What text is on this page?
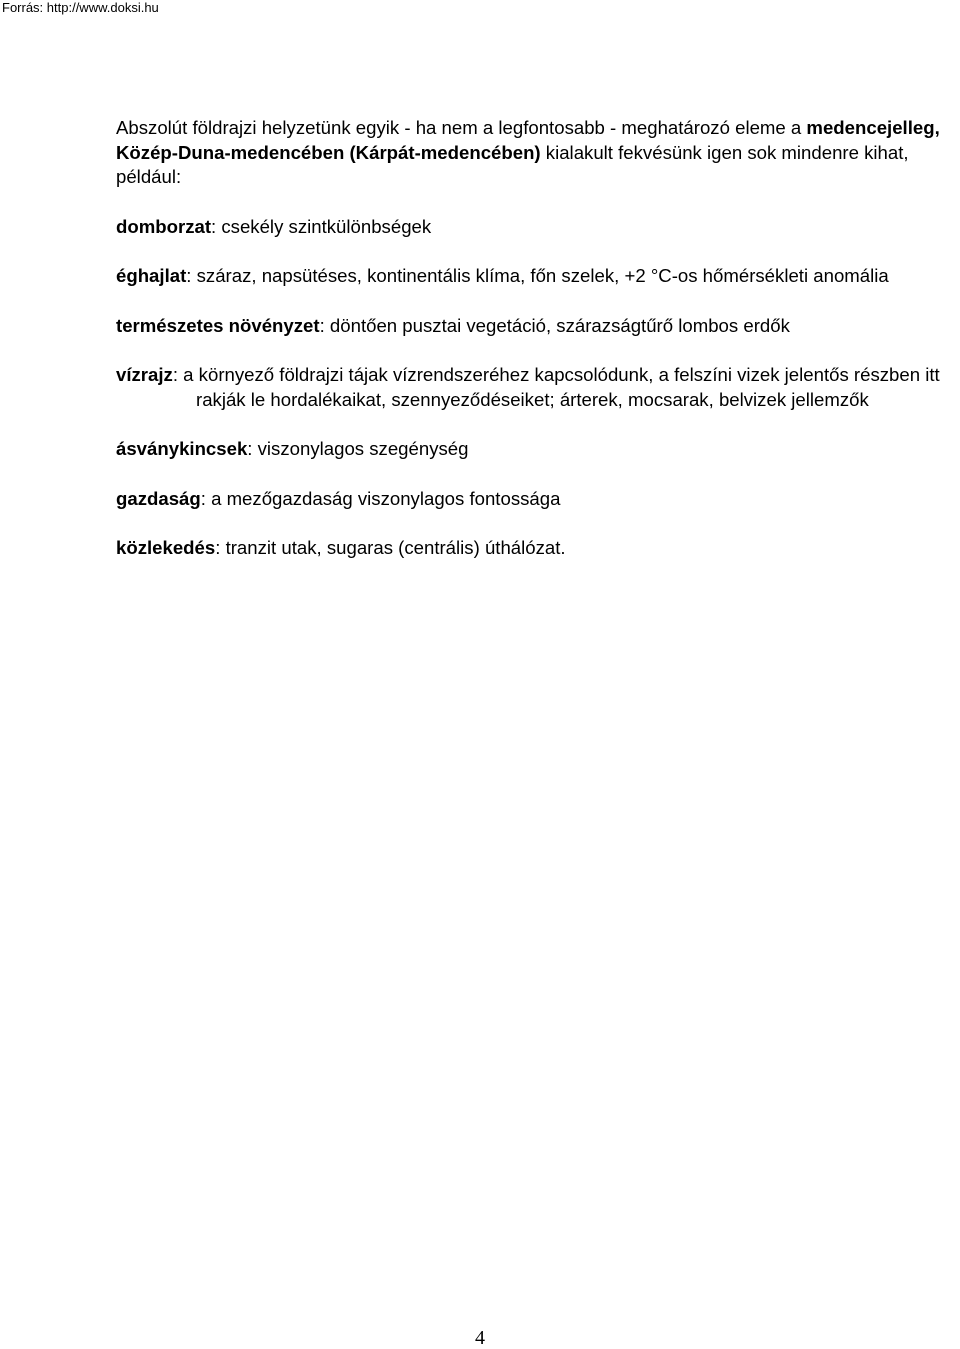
Forrás: http://www.doksi.hu

Abszolút földrajzi helyzetünk egyik - ha nem a legfontosabb - meghatározó eleme a medencejelleg, Közép-Duna-medencében (Kárpát-medencében) kialakult fekvésünk igen sok mindenre kihat, például:

domborzat: csekély szintkülönbségek

éghajlat: száraz, napsütéses, kontinentális klíma, főn szelek, +2 °C-os hőmérsékleti anomália

természetes növényzet: döntően pusztai vegetáció, szárazságtűrő lombos erdők

vízrajz: a környező földrajzi tájak vízrendszeréhez kapcsolódunk, a felszíni vizek jelentős részben itt rakják le hordalékaikat, szennyeződéseiket; árterek, mocsarak, belvizek jellemzők

ásványkincsek: viszonylagos szegénység

gazdaság: a mezőgazdaság viszonylagos fontossága

közlekedés: tranzit utak, sugaras (centrális) úthálózat.

4
